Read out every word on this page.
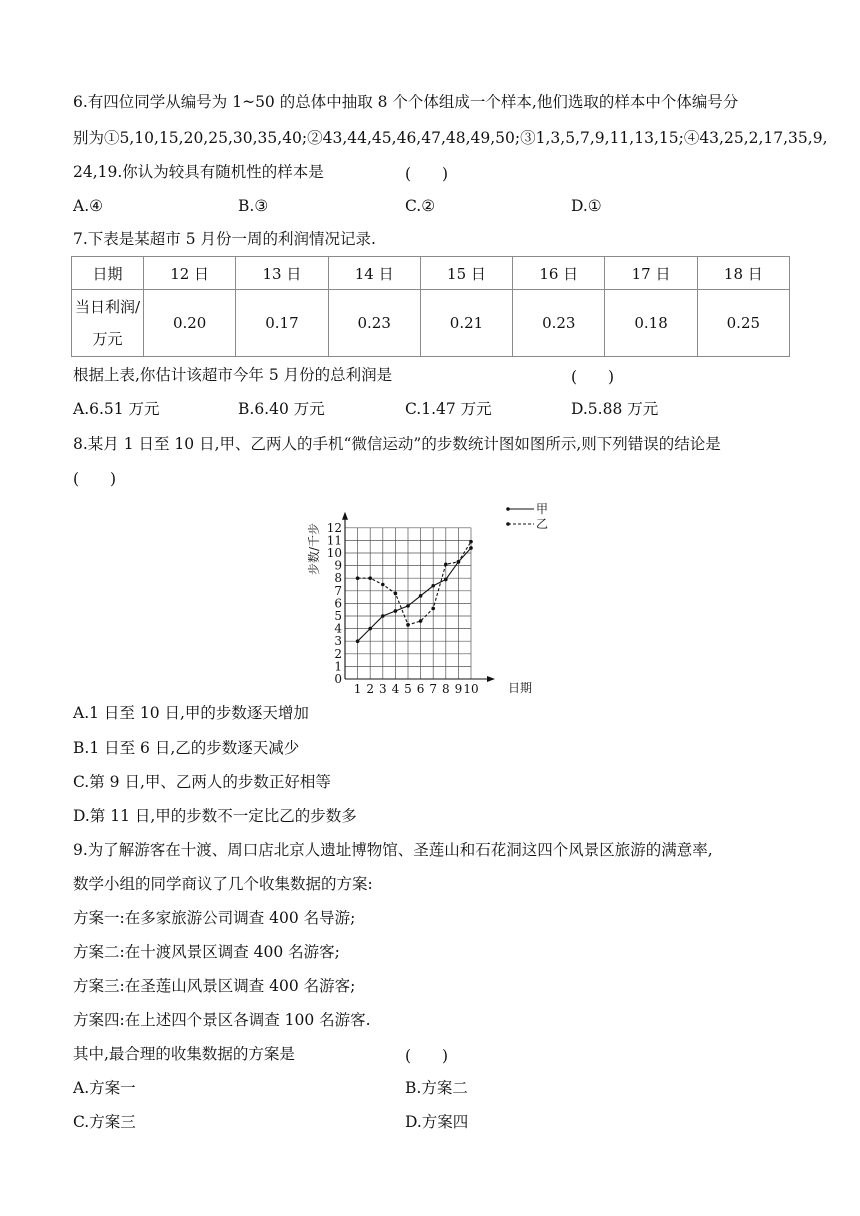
6.有四位同学从编号为 1~50 的总体中抽取 8 个个体组成一个样本,他们选取的样本中个体编号分
别为①5,10,15,20,25,30,35,40;②43,44,45,46,47,48,49,50;③1,3,5,7,9,11,13,15;④43,25,2,17,35,9,
24,19.你认为较具有随机性的样本是	(　　)
A.④	B.③	C.②	D.①
7.下表是某超市 5 月份一周的利润情况记录.
日期	12 日	13 日	14 日	15 日	16 日	17 日	18 日

当日利润/
万元	0.20	0.17	0.23	0.21	0.23	0.18	0.25
根据上表,你估计该超市今年 5 月份的总利润是	(　　)
A.6.51 万元	B.6.40 万元	C.1.47 万元	D.5.88 万元
8.某月 1 日至 10 日,甲、乙两人的手机“微信运动”的步数统计图如图所示,则下列错误的结论是
(　　)
0
1
2
3
4
5
6
7
8
9
10
11
12
1 2 3 4 5 6 7 8 9 10
甲
乙
步数/千步
日期
A.1 日至 10 日,甲的步数逐天增加
B.1 日至 6 日,乙的步数逐天减少
C.第 9 日,甲、乙两人的步数正好相等
D.第 11 日,甲的步数不一定比乙的步数多
9.为了解游客在十渡、周口店北京人遗址博物馆、圣莲山和石花洞这四个风景区旅游的满意率,
数学小组的同学商议了几个收集数据的方案:
方案一:在多家旅游公司调查 400 名导游;
方案二:在十渡风景区调查 400 名游客;
方案三:在圣莲山风景区调查 400 名游客;
方案四:在上述四个景区各调查 100 名游客.
其中,最合理的收集数据的方案是	(　　)
A.方案一	B.方案二
C.方案三	D.方案四
